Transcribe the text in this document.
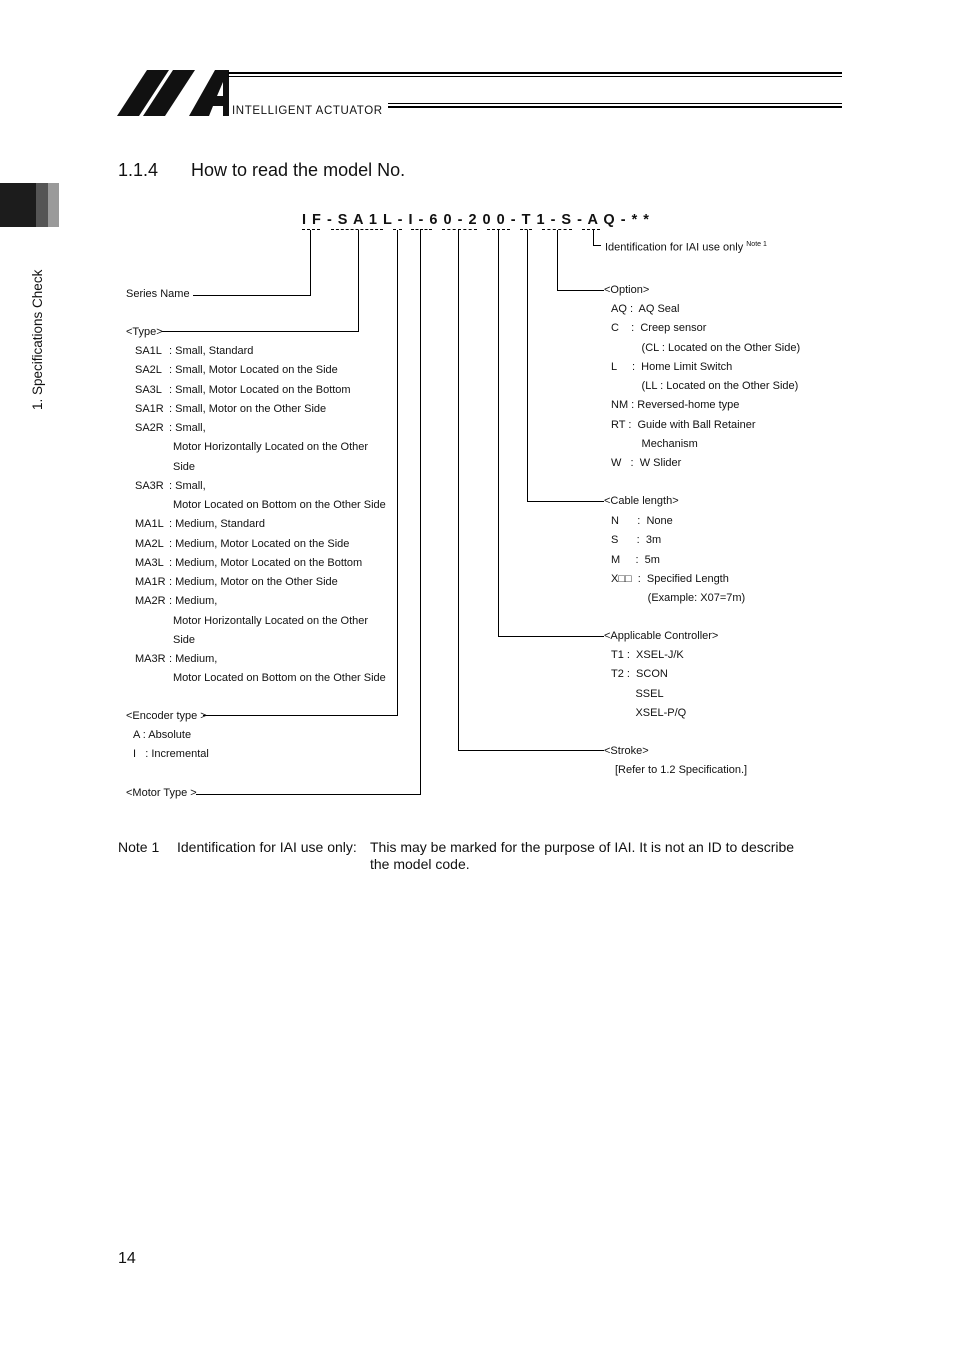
INTELLIGENT ACTUATOR
1. Specifications Check
1.1.4 How to read the model No.
I F - S A 1 L - I - 6 0 - 2 0 0 - T 1 - S - A Q - * *
Identification for IAI use only $^{Note 1}$
Series Name
<Type>
SA1L : Small, Standard
SA2L : Small, Motor Located on the Side
SA3L : Small, Motor Located on the Bottom
SA1R : Small, Motor on the Other Side
SA2R : Small,
Motor Horizontally Located on the Other
Side
SA3R : Small,
Motor Located on Bottom on the Other Side
MA1L : Medium, Standard
MA2L : Medium, Motor Located on the Side
MA3L : Medium, Motor Located on the Bottom
MA1R : Medium, Motor on the Other Side
MA2R : Medium,
Motor Horizontally Located on the Other
Side
MA3R : Medium,
Motor Located on Bottom on the Other Side
<Encoder type >
A : Absolute
I   : Incremental
<Motor Type >
<Option>
AQ :  AQ Seal
C    :  Creep sensor
(CL : Located on the Other Side)
L     :  Home Limit Switch
(LL : Located on the Other Side)
NM : Reversed-home type
RT :  Guide with Ball Retainer
Mechanism
W   :  W Slider
<Cable length>
N      :  None
S      :  3m
M     :  5m
X□□  :  Specified Length
(Example: X07=7m)
<Applicable Controller>
T1 :  XSEL-J/K
T2 :  SCON
SSEL
XSEL-P/Q
<Stroke>
[Refer to 1.2 Specification.]
Note 1 Identification for IAI use only: This may be marked for the purpose of IAI. It is not an ID to describe
the model code.
14
